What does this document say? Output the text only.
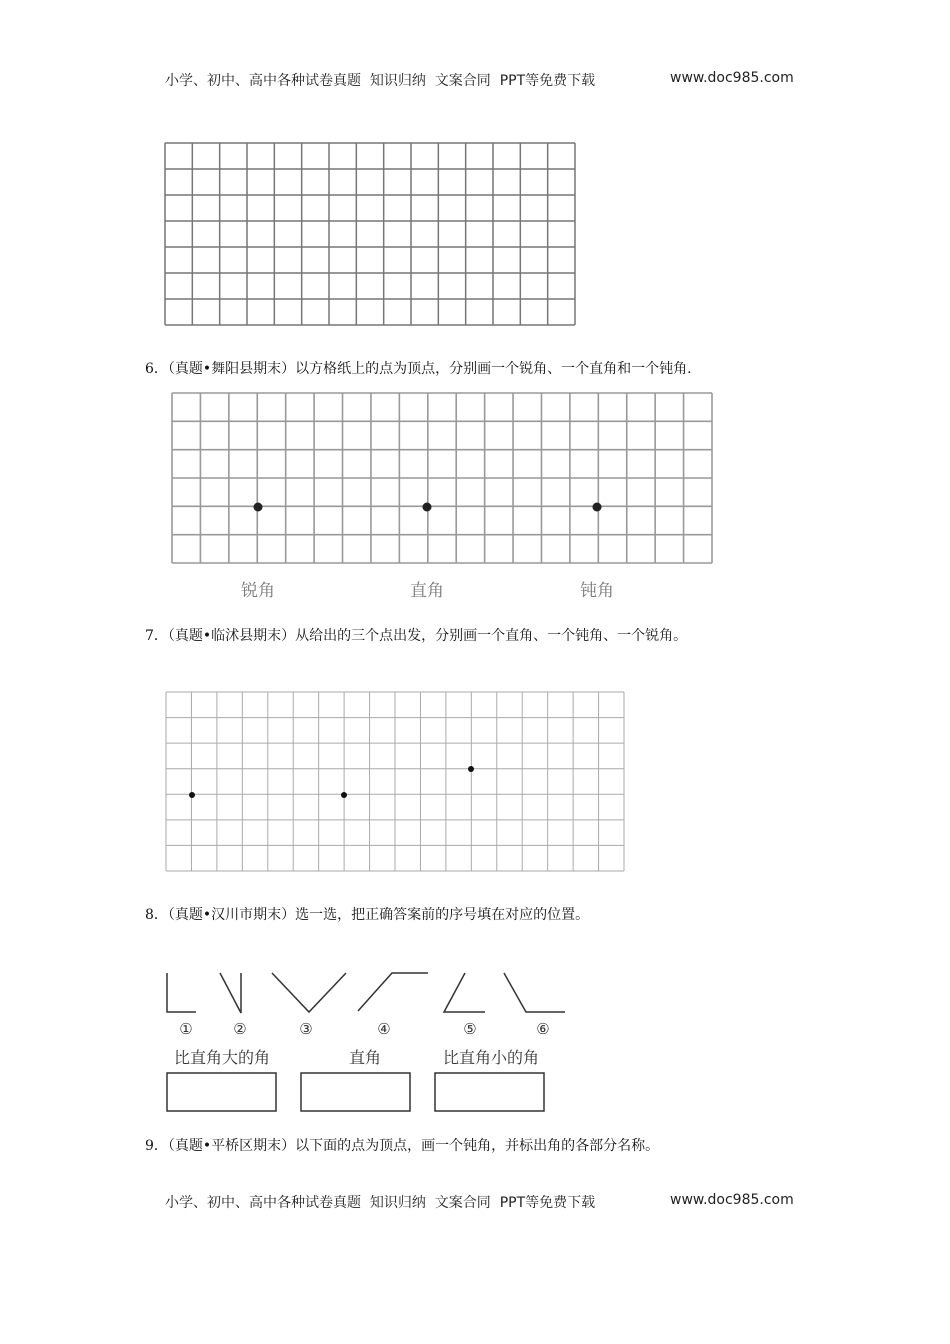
小学、初中、高中各种试卷真题  知识归纳  文案合同  PPT等免费下载	www.doc985.com
6．（真题•舞阳县期末）以方格纸上的点为顶点，分别画一个锐角、一个直角和一个钝角.
锐角	直角	钝角
7．（真题•临沭县期末）从给出的三个点出发，分别画一个直角、一个钝角、一个锐角。
8．（真题•汉川市期末）选一选，把正确答案前的序号填在对应的位置。
①	②	③	④	⑤	⑥
比直角大的角	直角	比直角小的角
9．（真题•平桥区期末）以下面的点为顶点，画一个钝角，并标出角的各部分名称。
小学、初中、高中各种试卷真题  知识归纳  文案合同  PPT等免费下载	www.doc985.com
